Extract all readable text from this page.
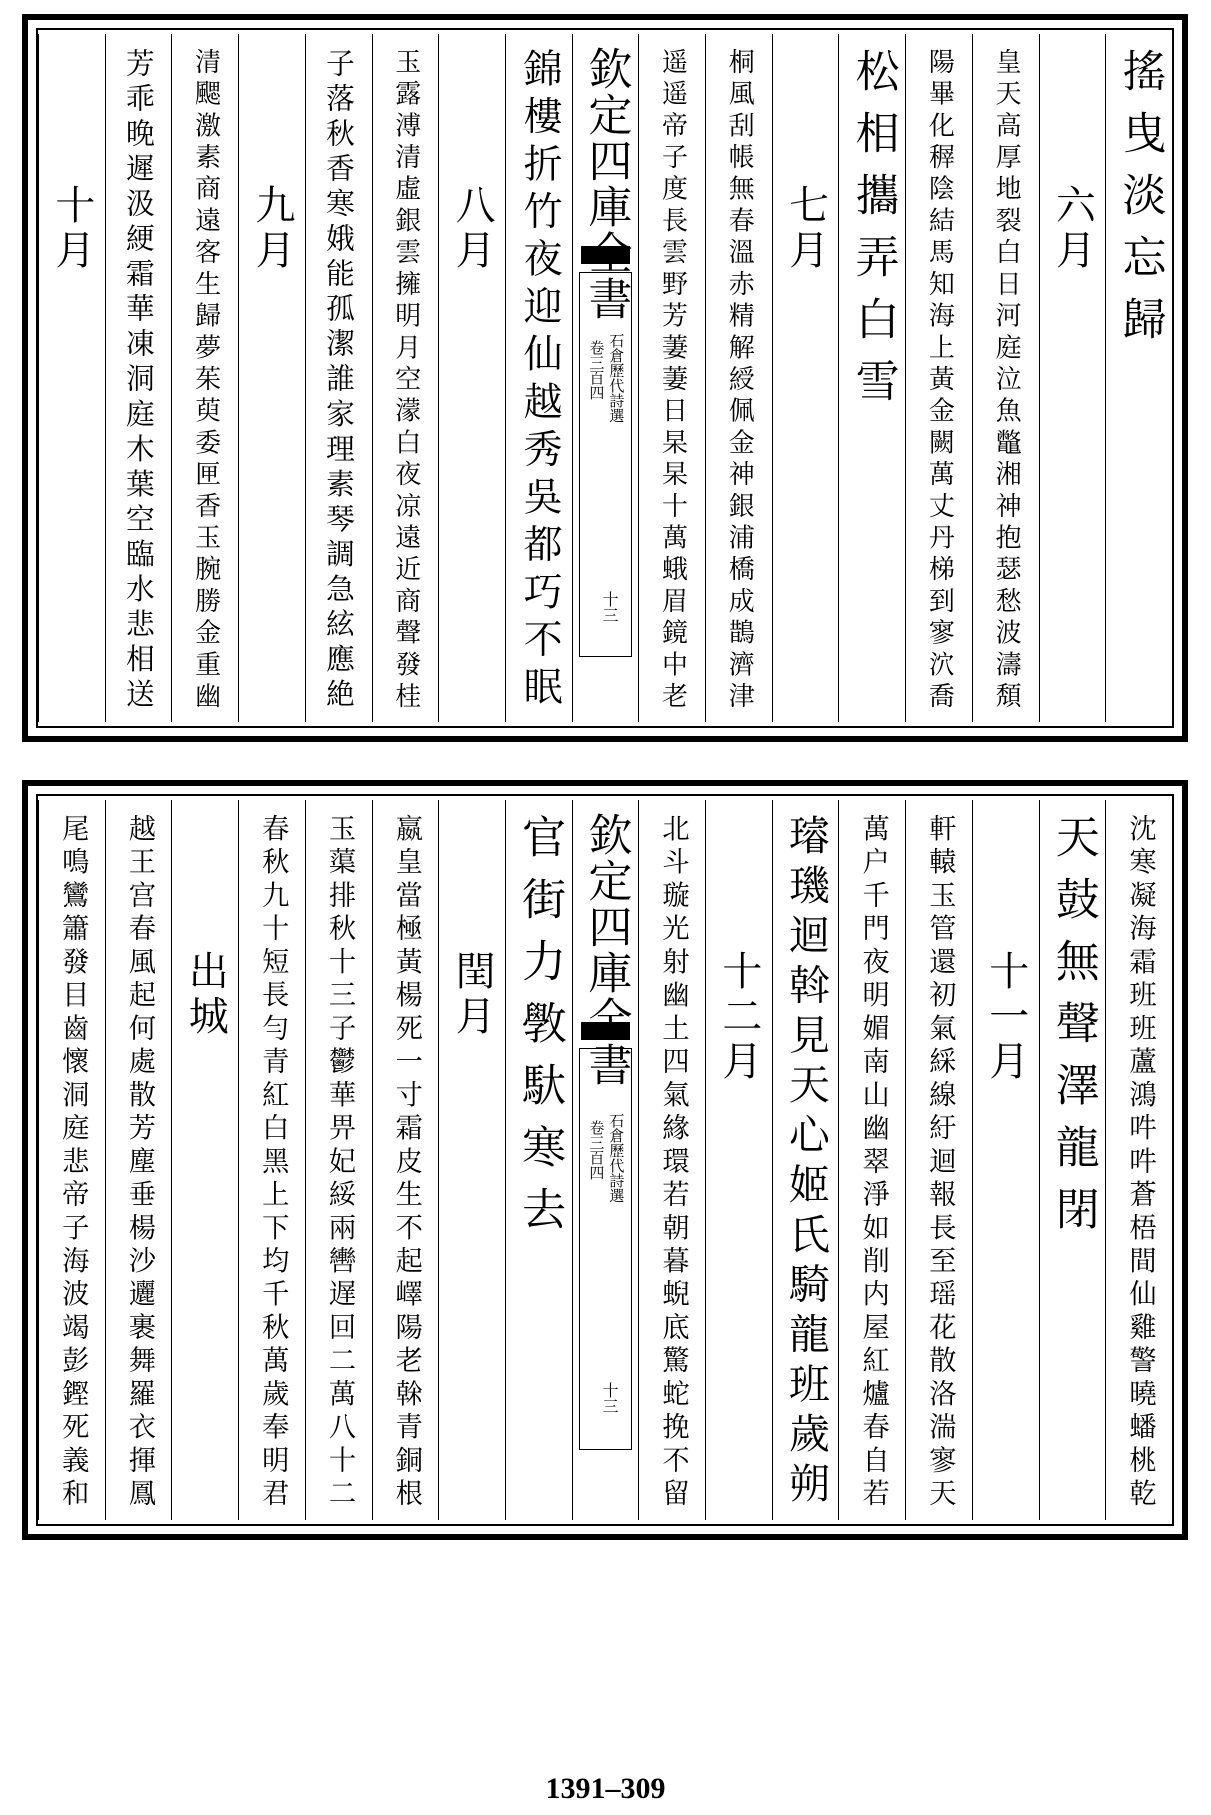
搖曳淡忘歸
六月
皇天高厚地裂白日河庭泣魚鼈湘神抱瑟愁波濤頽
陽畢化稺陰結馬知海上黃金闕萬丈丹梯到寥泬喬
松相攜弄白雪
七月
桐風刮帳無春溫赤精解綬佩金神銀浦橋成鵲濟津
遥遥帝子度長雲野芳萋萋日杲杲十萬蛾眉鏡中老
欽定四庫全書
石倉歷代詩選
卷三百四
十三
錦樓折竹夜迎仙越秀吳都巧不眠
八月
玉露溥清虛銀雲擁明月空濛白夜凉遠近商聲發桂
子落秋香寒娥能孤潔誰家理素琴調急絃應絶
九月
清颸激素商遠客生歸夢茱萸委匣香玉腕勝金重幽
芳乖晚遲汲綆霜華凍洞庭木葉空臨水悲相送
十月
沈寒凝海霜班班蘆鴻吽吽蒼梧間仙雞警曉蟠桃乾
天鼓無聲澤龍閉
十一月
軒轅玉管還初氣綵線紆迴報長至瑶花散洛湍寥天
萬户千門夜明媚南山幽翠淨如削内屋紅爐春自若
璿璣迴斡見天心姬氏騎龍班歲朔
十二月
北斗璇光射幽土四氣緣環若朝暮蜺底驚蛇挽不留
欽定四庫全書
石倉歷代詩選
卷三百四
十三
官街力斆馱寒去
閏月
嬴皇當極黃楊死一寸霜皮生不起嶧陽老榦青銅根
玉蕖排秋十三子鬱華畀妃綏兩轡遅回二萬八十二
春秋九十短長勻青紅白黑上下均千秋萬歲奉明君
出城
越王宫春風起何處散芳塵垂楊沙邐裹舞羅衣揮鳳
尾鳴鸞簫發目齒懷洞庭悲帝子海波竭彭鏗死義和
1391–309
